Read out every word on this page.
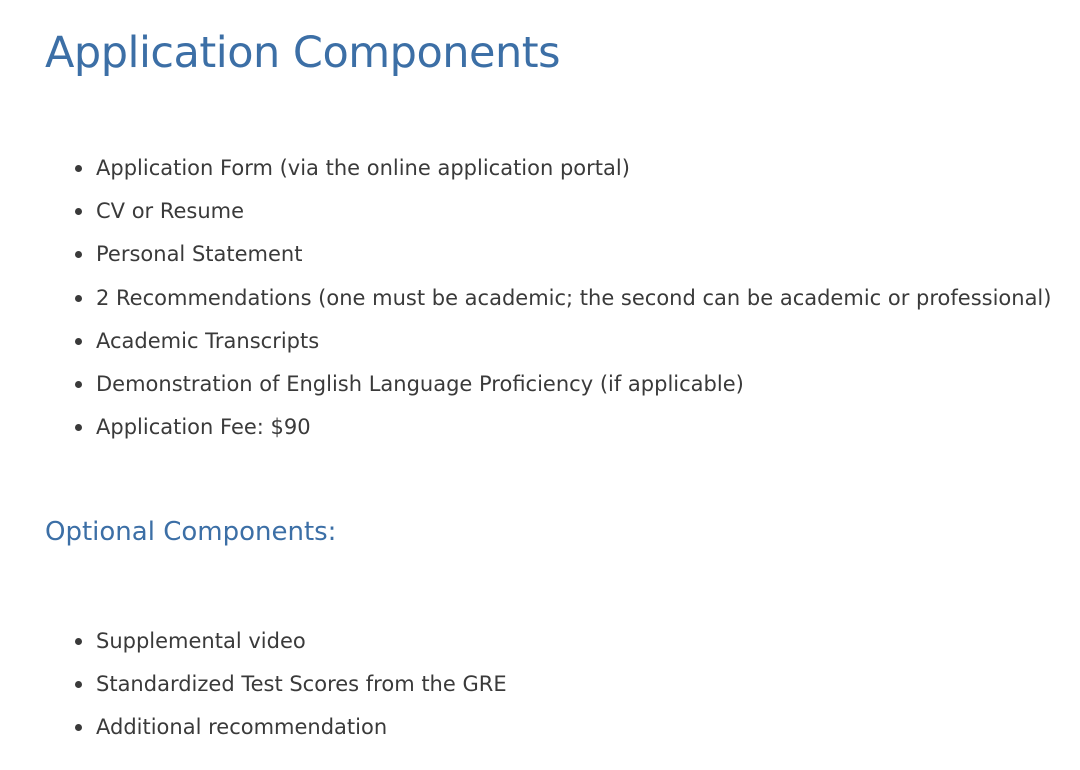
Application Components
Application Form (via the online application portal)
CV or Resume
Personal Statement
2 Recommendations (one must be academic; the second can be academic or professional)
Academic Transcripts
Demonstration of English Language Proficiency (if applicable)
Application Fee: $90
Optional Components:
Supplemental video
Standardized Test Scores from the GRE
Additional recommendation
